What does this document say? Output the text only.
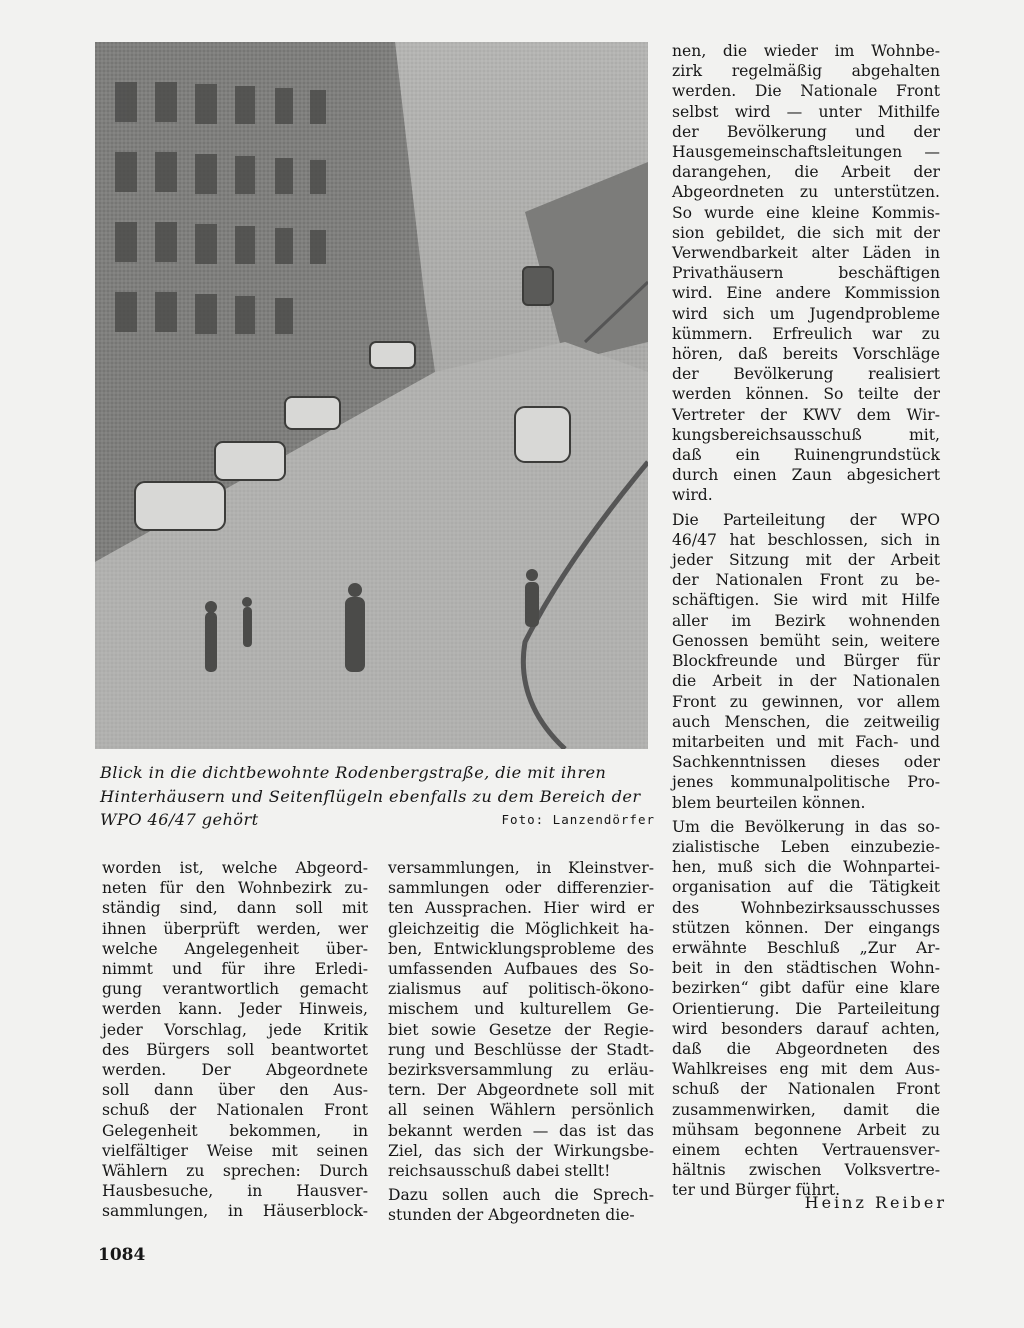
Blick in die dichtbewohnte Rodenbergstraße, die mit ihren
Hinterhäusern und Seitenflügeln ebenfalls zu dem Bereich der
WPO 46/47 gehört	Foto: Lanzendörfer
nen, die wieder im Wohnbe-
zirk regelmäßig abgehalten
werden. Die Nationale Front
selbst wird — unter Mithilfe
der Bevölkerung und der
Hausgemeinschaftsleitungen —
darangehen, die Arbeit der
Abgeordneten zu unterstützen.
So wurde eine kleine Kommis-
sion gebildet, die sich mit der
Verwendbarkeit alter Läden in
Privathäusern beschäftigen
wird. Eine andere Kommission
wird sich um Jugendprobleme
kümmern. Erfreulich war zu
hören, daß bereits Vorschläge
der Bevölkerung realisiert
werden können. So teilte der
Vertreter der KWV dem Wir-
kungsbereichsausschuß mit,
daß ein Ruinengrundstück
durch einen Zaun abgesichert
wird.
Die Parteileitung der WPO
46/47 hat beschlossen, sich in
jeder Sitzung mit der Arbeit
der Nationalen Front zu be-
schäftigen. Sie wird mit Hilfe
aller im Bezirk wohnenden
Genossen bemüht sein, weitere
Blockfreunde und Bürger für
die Arbeit in der Nationalen
Front zu gewinnen, vor allem
auch Menschen, die zeitweilig
mitarbeiten und mit Fach- und
Sachkenntnissen dieses oder
jenes kommunalpolitische Pro-
blem beurteilen können.
Um die Bevölkerung in das so-
zialistische Leben einzubezie-
hen, muß sich die Wohnpartei-
organisation auf die Tätigkeit
des Wohnbezirksausschusses
stützen können. Der eingangs
erwähnte Beschluß „Zur Ar-
beit in den städtischen Wohn-
bezirken“ gibt dafür eine klare
Orientierung. Die Parteileitung
wird besonders darauf achten,
daß die Abgeordneten des
Wahlkreises eng mit dem Aus-
schuß der Nationalen Front
zusammenwirken, damit die
mühsam begonnene Arbeit zu
einem echten Vertrauensver-
hältnis zwischen Volksvertre-
ter und Bürger führt.
worden ist, welche Abgeord-
neten für den Wohnbezirk zu-
ständig sind, dann soll mit
ihnen überprüft werden, wer
welche Angelegenheit über-
nimmt und für ihre Erledi-
gung verantwortlich gemacht
werden kann. Jeder Hinweis,
jeder Vorschlag, jede Kritik
des Bürgers soll beantwortet
werden. Der Abgeordnete
soll dann über den Aus-
schuß der Nationalen Front
Gelegenheit bekommen, in
vielfältiger Weise mit seinen
Wählern zu sprechen: Durch
Hausbesuche, in Hausver-
sammlungen, in Häuserblock-
versammlungen, in Kleinstver-
sammlungen oder differenzier-
ten Aussprachen. Hier wird er
gleichzeitig die Möglichkeit ha-
ben, Entwicklungsprobleme des
umfassenden Aufbaues des So-
zialismus auf politisch-ökono-
mischem und kulturellem Ge-
biet sowie Gesetze der Regie-
rung und Beschlüsse der Stadt-
bezirksversammlung zu erläu-
tern. Der Abgeordnete soll mit
all seinen Wählern persönlich
bekannt werden — das ist das
Ziel, das sich der Wirkungsbe-
reichsausschuß dabei stellt!
Dazu sollen auch die Sprech-
stunden der Abgeordneten die-
Heinz Reiber
1084
